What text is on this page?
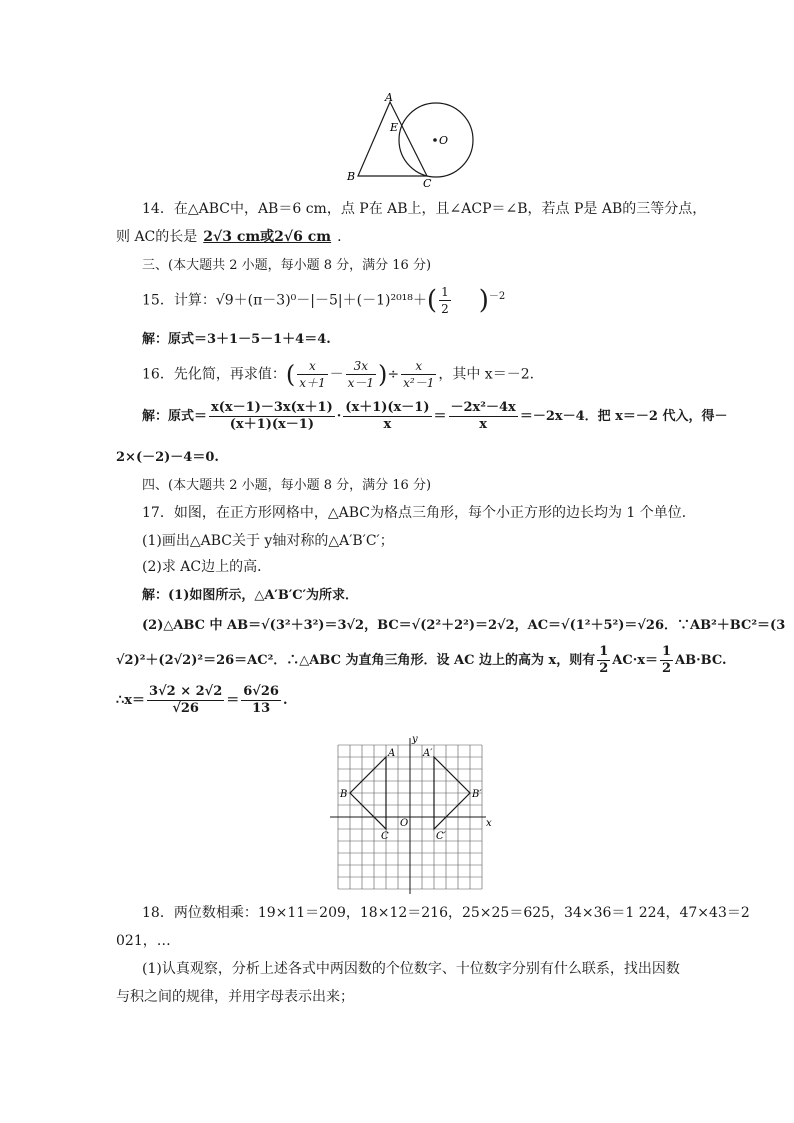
A
E
O
B
C
14．在△ABC中，AB＝6 cm，点 P在 AB上，且∠ACP＝∠B，若点 P是 AB的三等分点，
则 AC的长是 2√3 cm或2√6 cm .
三、(本大题共 2 小题，每小题 8 分，满分 16 分)
15．计算：$√9+(\pi-3)^0-|-5|+(-1)^{2018}+( \frac{1}{2} )^{-2}$
解：原式＝3＋1－5－1＋4＝4.
16．先化简，再求值：( $\frac{x}{x+1} - \frac{3x}{x-1}$ )÷ $\frac{x}{\text{x²－1}}$ ，其中 x＝－2.
解：原式＝ $\frac{x(x-1)-3x(x+1)}{(x+1)(x-1)} \cdot \frac{(x+1)(x-1)}{x} = \frac{\text{－2x²－4x}}{x} =-2x-4$．把 x＝－2 代入，得－
2×(－2)－4＝0.
四、(本大题共 2 小题，每小题 8 分，满分 16 分)
17．如图，在正方形网格中，△ABC为格点三角形，每个小正方形的边长均为 1 个单位．
(1)画出△ABC关于 y轴对称的△A′B′C′；
(2)求 AC边上的高．
解：(1)如图所示，△A′B′C′为所求．
(2)△ABC 中 AB＝√(3²＋3²)＝3√2，BC＝√(2²＋2²)＝2√2，AC＝√(1²＋5²)＝√26．∵AB²＋BC²＝(3
√2)²＋(2√2)²＝26＝AC²．∴△ABC 为直角三角形．设 AC 边上的高为 x，则有 $\frac{1}{2} AC\cdot x= \frac{1}{2} AB\cdot BC$.
∴x＝ $\frac{3√2 \times 2√2}{√26} = \frac{6√26}{13}$ .
y
x
O
A
B
C
A′
B′
C′
18．两位数相乘：19×11＝209，18×12＝216，25×25＝625，34×36＝1 224，47×43＝2
021，…
(1)认真观察，分析上述各式中两因数的个位数字、十位数字分别有什么联系，找出因数
与积之间的规律，并用字母表示出来；
